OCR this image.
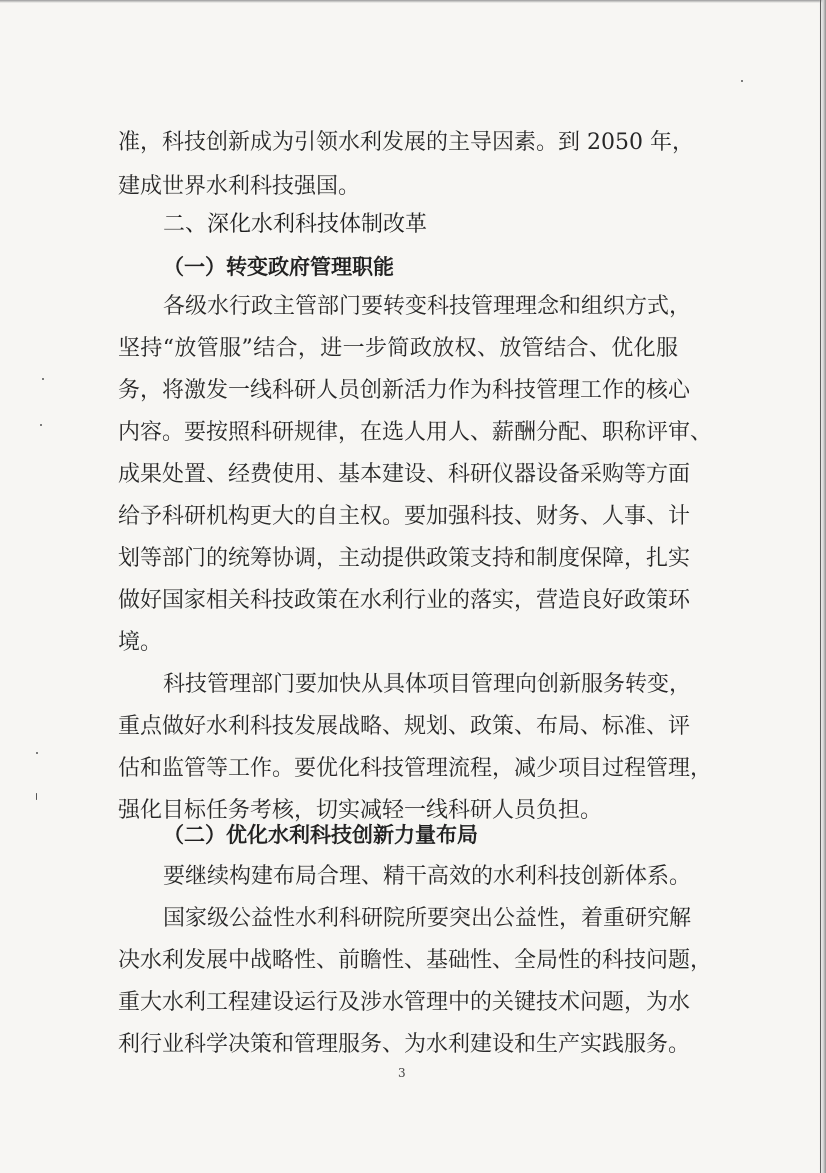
准，科技创新成为引领水利发展的主导因素。到 2050 年，
建成世界水利科技强国。
二、深化水利科技体制改革
（一）转变政府管理职能
各级水行政主管部门要转变科技管理理念和组织方式，
坚持“放管服”结合，进一步简政放权、放管结合、优化服
务，将激发一线科研人员创新活力作为科技管理工作的核心
内容。要按照科研规律，在选人用人、薪酬分配、职称评审、
成果处置、经费使用、基本建设、科研仪器设备采购等方面
给予科研机构更大的自主权。要加强科技、财务、人事、计
划等部门的统筹协调，主动提供政策支持和制度保障，扎实
做好国家相关科技政策在水利行业的落实，营造良好政策环
境。
科技管理部门要加快从具体项目管理向创新服务转变，
重点做好水利科技发展战略、规划、政策、布局、标准、评
估和监管等工作。要优化科技管理流程，减少项目过程管理，
强化目标任务考核，切实减轻一线科研人员负担。
（二）优化水利科技创新力量布局
要继续构建布局合理、精干高效的水利科技创新体系。
国家级公益性水利科研院所要突出公益性，着重研究解
决水利发展中战略性、前瞻性、基础性、全局性的科技问题，
重大水利工程建设运行及涉水管理中的关键技术问题，为水
利行业科学决策和管理服务、为水利建设和生产实践服务。
3
